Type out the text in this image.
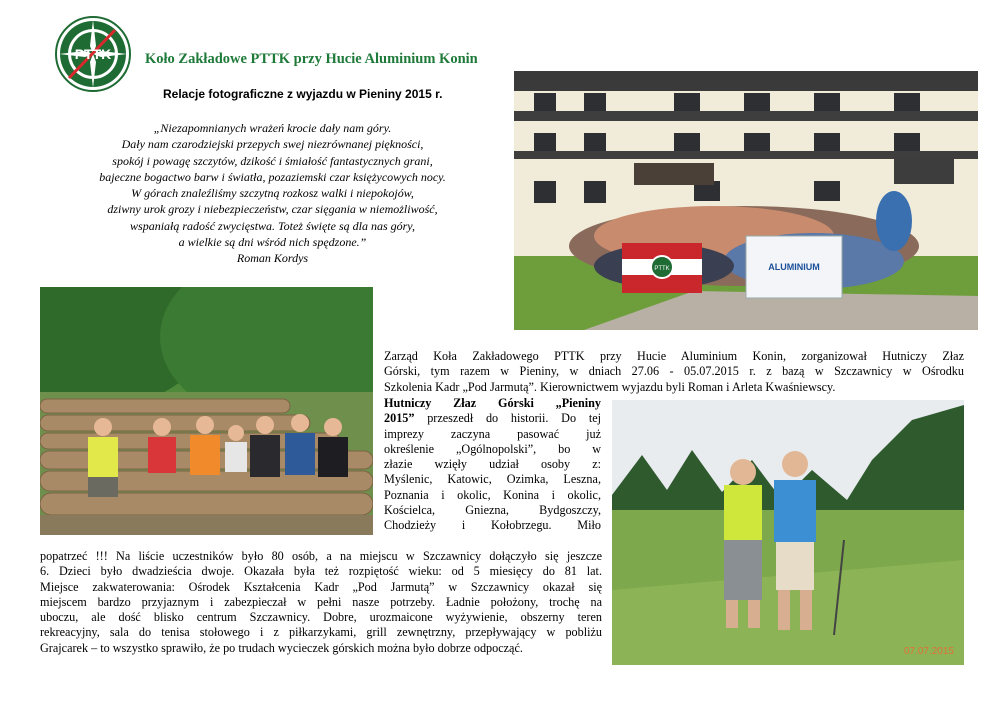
PTTK Koło Zakładowe PTTK przy Hucie Aluminium Konin
Relacje fotograficzne z wyjazdu w Pieniny 2015 r.
„Niezapomnianych wrażeń krocie dały nam góry.
Dały nam czarodziejski przepych swej niezrównanej piękności,
spokój i powagę szczytów, dzikość i śmiałość fantastycznych grani,
bajeczne bogactwo barw i światła, pozaziemski czar księżycowych nocy.
W górach znaleźliśmy szczytną rozkosz walki i niepokojów,
dziwny urok grozy i niebezpieczeństw, czar sięgania w niemożliwość,
wspaniałą radość zwycięstwa. Toteż święte są dla nas góry,
a wielkie są dni wśród nich spędzone.”
Roman Kordys
PTTK	ALUMINIUM
07.07.2015
Zarząd Koła Zakładowego PTTK przy Hucie Aluminium Konin, zorganizował Hutniczy Złaz
Górski, tym razem w Pieniny, w dniach 27.06 - 05.07.2015 r. z bazą w Szczawnicy w Ośrodku
Szkolenia Kadr „Pod Jarmutą”. Kierownictwem wyjazdu byli Roman i Arleta Kwaśniewscy.
Hutniczy Złaz Górski „Pieniny
2015” przeszedł do historii. Do tej
imprezy zaczyna pasować już
określenie „Ogólnopolski”, bo w
złazie wzięły udział osoby z:
Myślenic, Katowic, Ozimka, Leszna,
Poznania i okolic, Konina i okolic,
Kościelca, Gniezna, Bydgoszczy,
Chodzieży i Kołobrzegu. Miło
popatrzeć !!! Na liście uczestników było 80 osób, a na miejscu w Szczawnicy dołączyło się jeszcze
6. Dzieci było dwadzieścia dwoje. Okazała była też rozpiętość wieku: od 5 miesięcy do 81 lat.
Miejsce zakwaterowania: Ośrodek Kształcenia Kadr „Pod Jarmutą” w Szczawnicy okazał się
miejscem bardzo przyjaznym i zabezpieczał w pełni nasze potrzeby. Ładnie położony, trochę na
uboczu, ale dość blisko centrum Szczawnicy. Dobre, urozmaicone wyżywienie, obszerny teren
rekreacyjny, sala do tenisa stołowego i z piłkarzykami, grill zewnętrzny, przepływający w pobliżu
Grajcarek – to wszystko sprawiło, że po trudach wycieczek górskich można było dobrze odpocząć.
